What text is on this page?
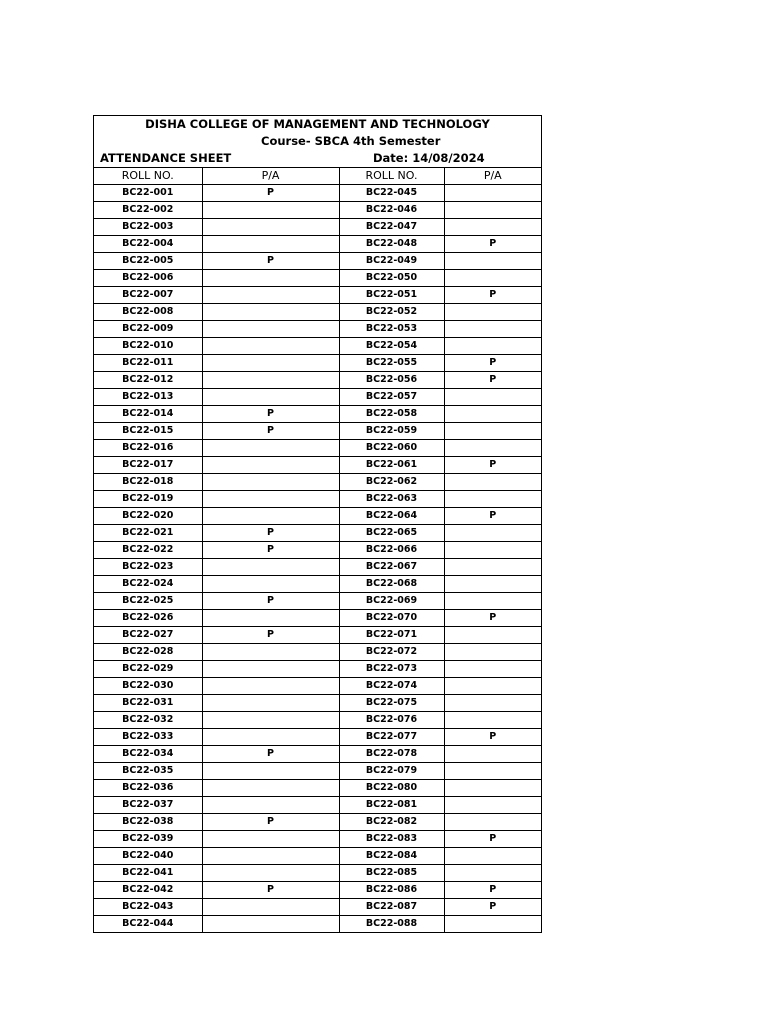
DISHA COLLEGE OF MANAGEMENT AND TECHNOLOGY
Course- SBCA 4th Semester
ATTENDANCE SHEET	Date: 14/08/2024
ROLL NO.	P/A	ROLL NO.	P/A
BC22-001	P	BC22-045	
BC22-002		BC22-046	
BC22-003		BC22-047	
BC22-004		BC22-048	P
BC22-005	P	BC22-049	
BC22-006		BC22-050	
BC22-007		BC22-051	P
BC22-008		BC22-052	
BC22-009		BC22-053	
BC22-010		BC22-054	
BC22-011		BC22-055	P
BC22-012		BC22-056	P
BC22-013		BC22-057	
BC22-014	P	BC22-058	
BC22-015	P	BC22-059	
BC22-016		BC22-060	
BC22-017		BC22-061	P
BC22-018		BC22-062	
BC22-019		BC22-063	
BC22-020		BC22-064	P
BC22-021	P	BC22-065	
BC22-022	P	BC22-066	
BC22-023		BC22-067	
BC22-024		BC22-068	
BC22-025	P	BC22-069	
BC22-026		BC22-070	P
BC22-027	P	BC22-071	
BC22-028		BC22-072	
BC22-029		BC22-073	
BC22-030		BC22-074	
BC22-031		BC22-075	
BC22-032		BC22-076	
BC22-033		BC22-077	P
BC22-034	P	BC22-078	
BC22-035		BC22-079	
BC22-036		BC22-080	
BC22-037		BC22-081	
BC22-038	P	BC22-082	
BC22-039		BC22-083	P
BC22-040		BC22-084	
BC22-041		BC22-085	
BC22-042	P	BC22-086	P
BC22-043		BC22-087	P
BC22-044		BC22-088	
